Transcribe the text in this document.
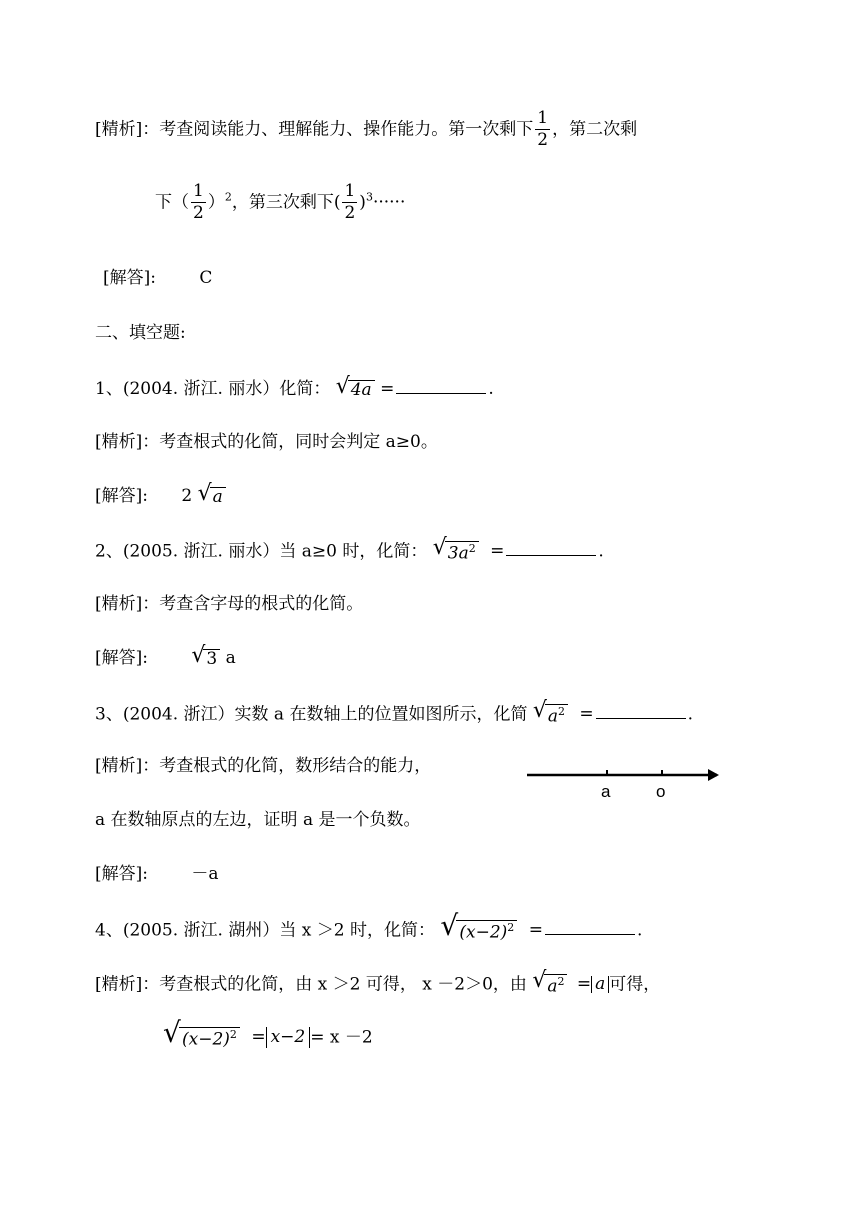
[精析]：考查阅读能力、理解能力、操作能力。第一次剩下 $\frac{1}{2}$ ，第二次剩
下（ $\frac{1}{2} )^2$，第三次剩下( $\frac{1}{2} )^3\cdot\cdot\cdot\cdot\cdot\cdot$
[解答]:	C
二、填空题:
1、(2004. 浙江. 丽水）化简： √ 4a =	.
[精析]：考查根式的化简，同时会判定 a≥0。
[解答]: 2 √ a
2、(2005. 浙江. 丽水）当 a≥0 时，化简： √ $3a^2$ =	.
[精析]：考查含字母的根式的化简。
[解答]: √ 3 a
3、(2004. 浙江）实数 a 在数轴上的位置如图所示，化简 √ $a^2$ =	.
[精析]：考查根式的化简，数形结合的能力，
a	o
a 在数轴原点的左边，证明 a 是一个负数。
[解答]:	－a
4、(2005. 浙江. 湖州）当 x ＞2 时，化简： √ $(x-2)^2$ =	.
[精析]：考查根式的化简，由 x ＞2 可得， x －2＞0，由 √ $a^2 = a$ 可得，
√ $(x-2)^2 = x-2 = x -2$
